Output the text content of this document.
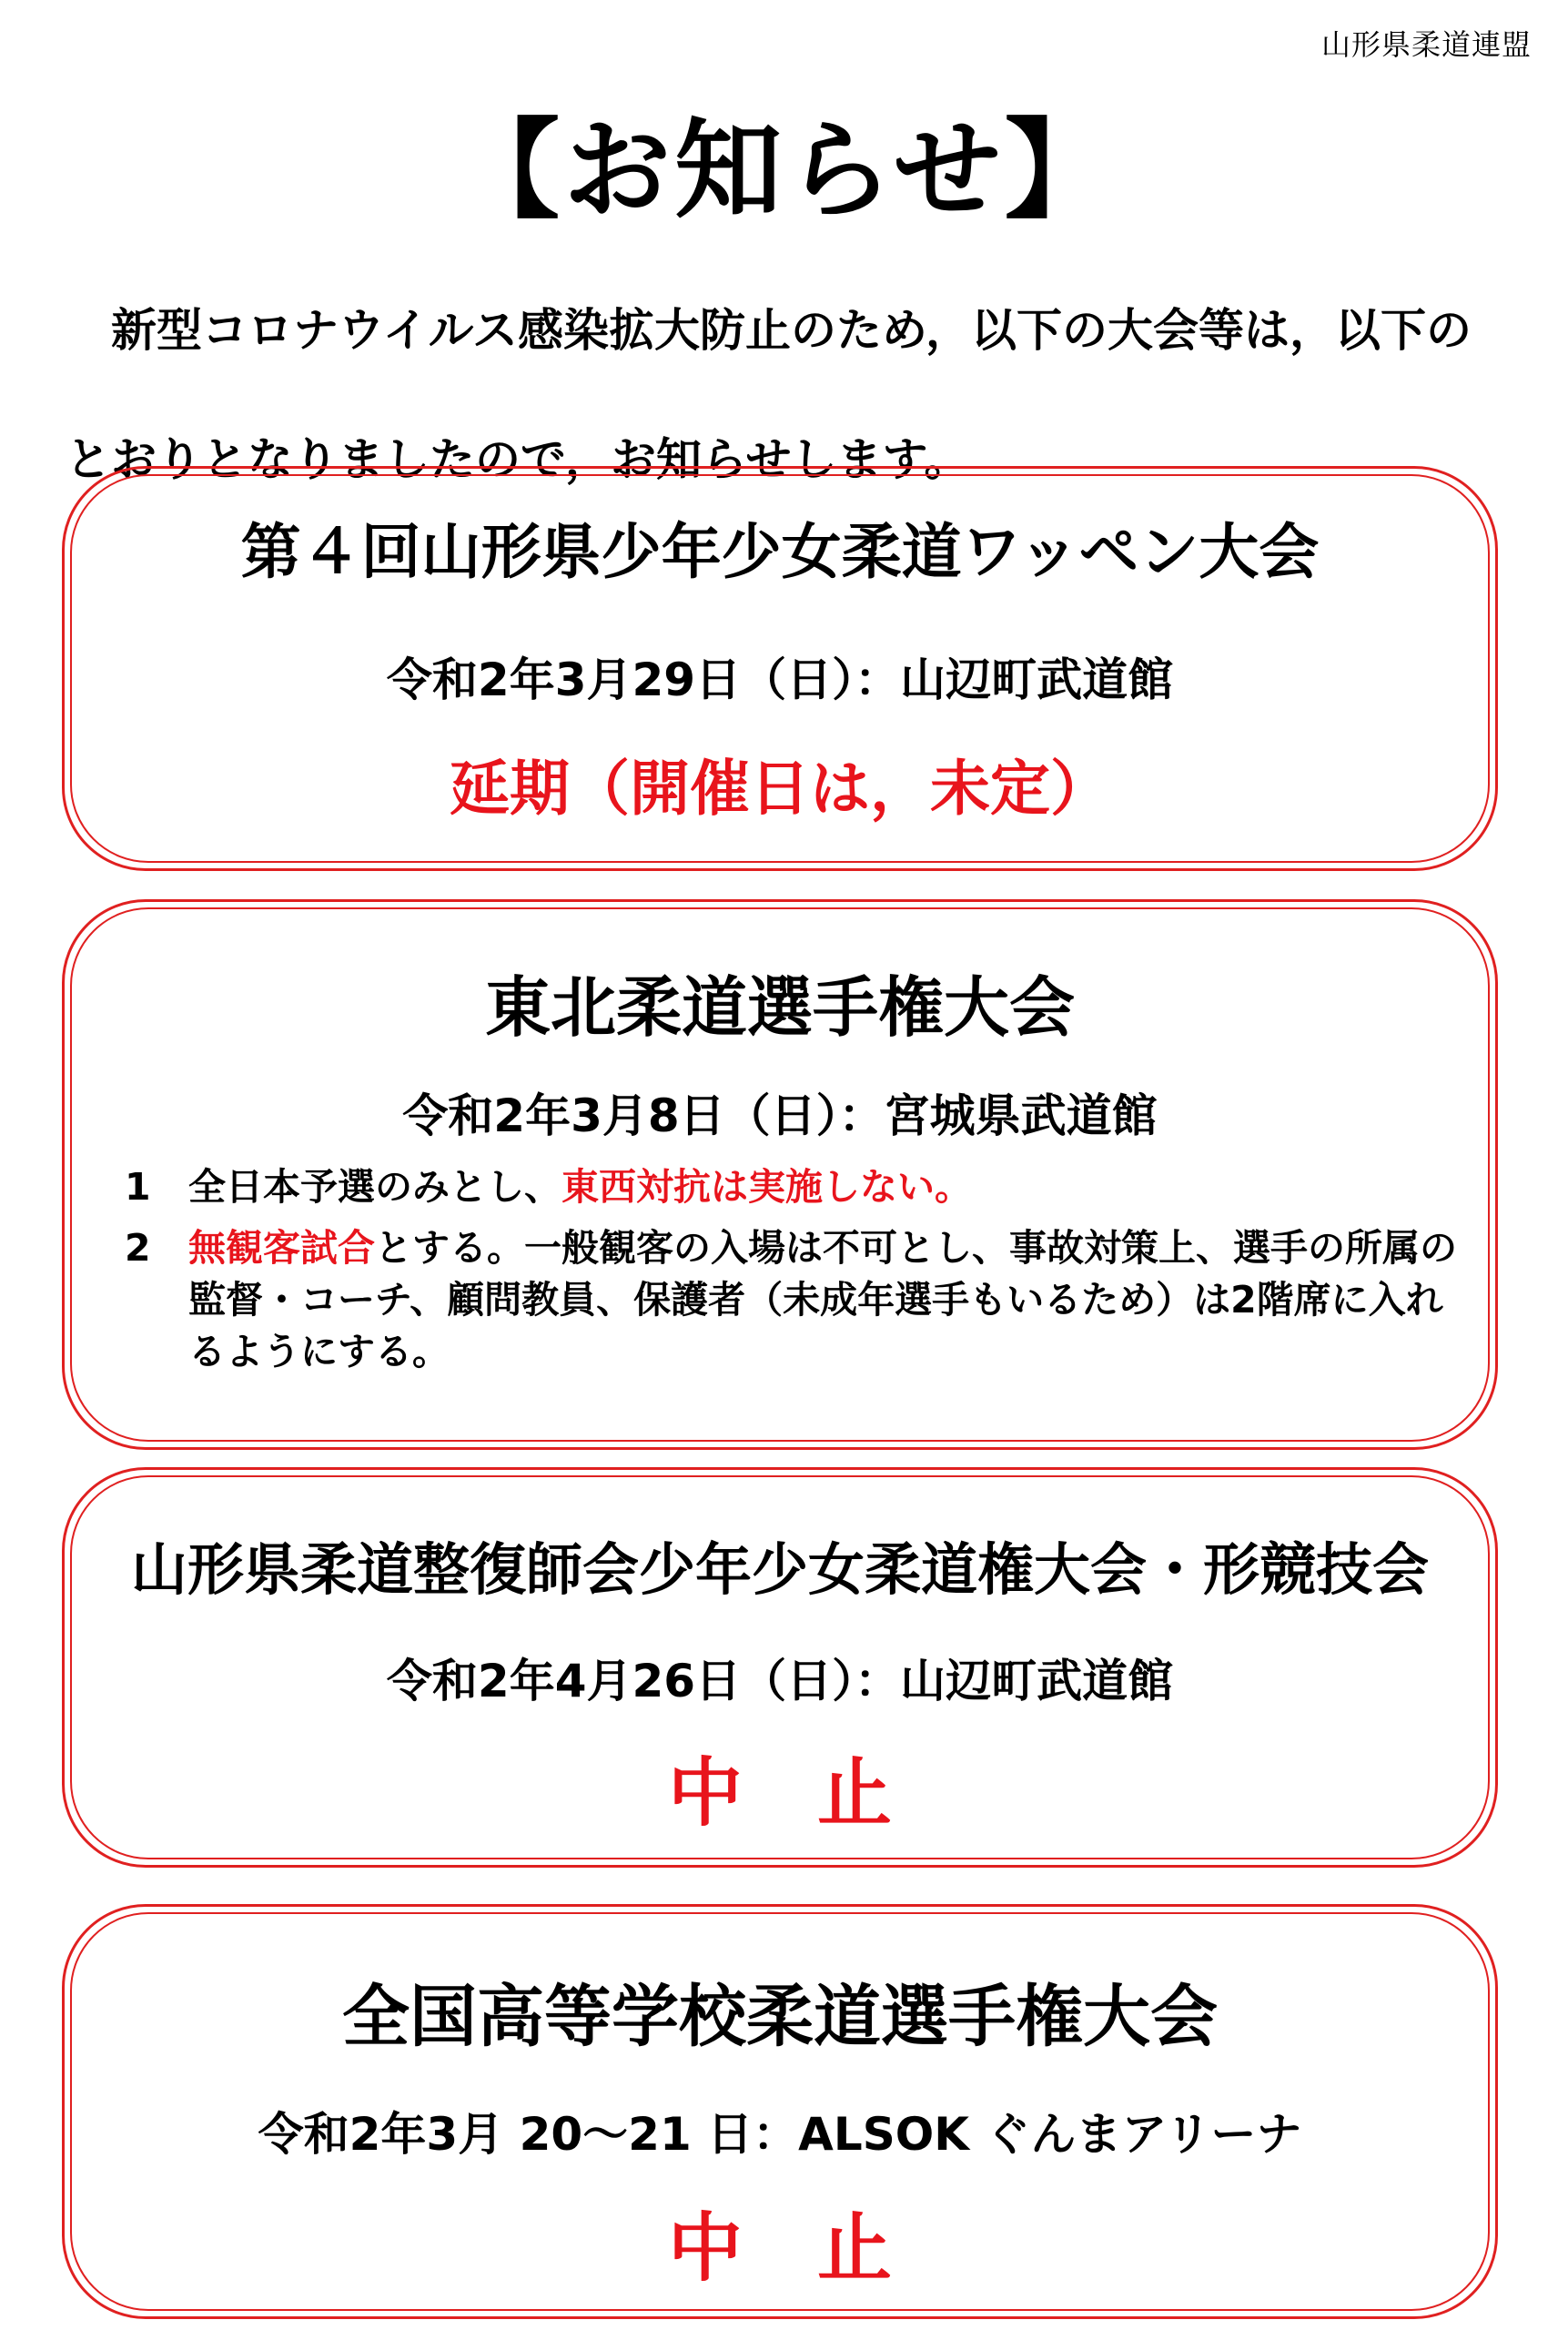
山形県柔道連盟
【お知らせ】

新型コロナウイルス感染拡大防止のため，以下の大会等は，以下のとおりとなりましたので，お知らせします。

第４回山形県少年少女柔道ワッペン大会
令和2年3月29日（日）：山辺町武道館
延期（開催日は，未定）
東北柔道選手権大会
令和2年3月8日（日）：宮城県武道館
1 全日本予選のみとし、東西対抗は実施しない。
2 無観客試合とする。一般観客の入場は不可とし、事故対策上、選手の所属の監督・コーチ、顧問教員、保護者（未成年選手もいるため）は2階席に入れるようにする。
山形県柔道整復師会少年少女柔道権大会・形競技会
令和2年4月26日（日）：山辺町武道館
中　止
全国高等学校柔道選手権大会
令和2年3月 20～21 日：ALSOK ぐんまアリーナ
中　止
